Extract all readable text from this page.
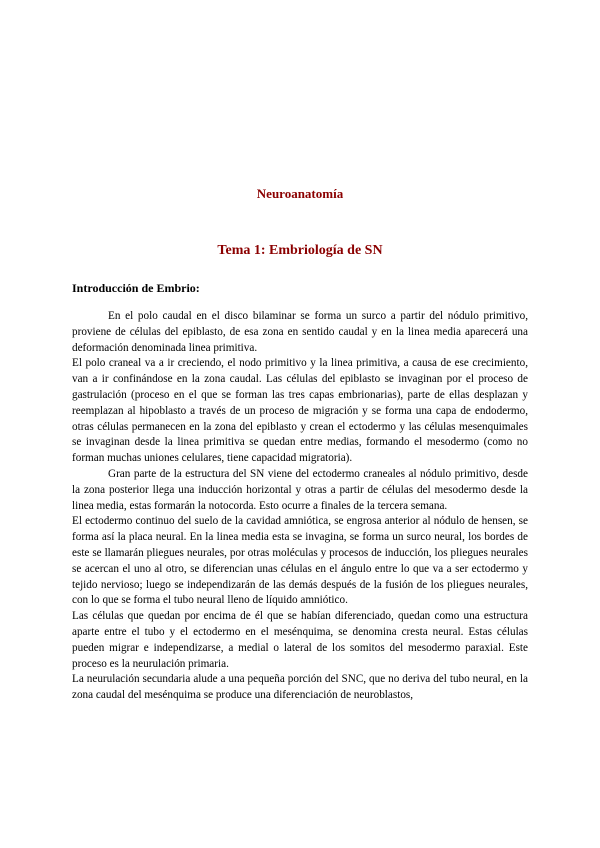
Neuroanatomía
Tema 1: Embriología de SN
Introducción de Embrio:

En el polo caudal en el disco bilaminar se forma un surco a partir del nódulo primitivo, proviene de células del epiblasto, de esa zona en sentido caudal y en la linea media aparecerá una deformación denominada linea primitiva.

El polo craneal va a ir creciendo, el nodo primitivo y la linea primitiva, a causa de ese crecimiento, van a ir confinándose en la zona caudal. Las células del epiblasto se invaginan por el proceso de gastrulación (proceso en el que se forman las tres capas embrionarias), parte de ellas desplazan y reemplazan al hipoblasto a través de un proceso de migración y se forma una capa de endodermo, otras células permanecen en la zona del epiblasto y crean el ectodermo y las células mesenquimales se invaginan desde la linea primitiva se quedan entre medias, formando el mesodermo (como no forman muchas uniones celulares, tiene capacidad migratoria).

Gran parte de la estructura del SN viene del ectodermo craneales al nódulo primitivo, desde la zona posterior llega una inducción horizontal y otras a partir de células del mesodermo desde la linea media, estas formarán la notocorda. Esto ocurre a finales de la tercera semana.

El ectodermo continuo del suelo de la cavidad amniótica, se engrosa anterior al nódulo de hensen, se forma así la placa neural. En la linea media esta se invagina, se forma un surco neural, los bordes de este se llamarán pliegues neurales, por otras moléculas y procesos de inducción, los pliegues neurales se acercan el uno al otro, se diferencian unas células en el ángulo entre lo que va a ser ectodermo y tejido nervioso; luego se independizarán de las demás después de la fusión de los pliegues neurales, con lo que se forma el tubo neural lleno de líquido amniótico.

Las células que quedan por encima de él que se habían diferenciado, quedan como una estructura aparte entre el tubo y el ectodermo en el mesénquima, se denomina cresta neural. Estas células pueden migrar e independizarse, a medial o lateral de los somitos del mesodermo paraxial. Este proceso es la neurulación primaria.

La neurulación secundaria alude a una pequeña porción del SNC, que no deriva del tubo neural, en la zona caudal del mesénquima se produce una diferenciación de neuroblastos,
